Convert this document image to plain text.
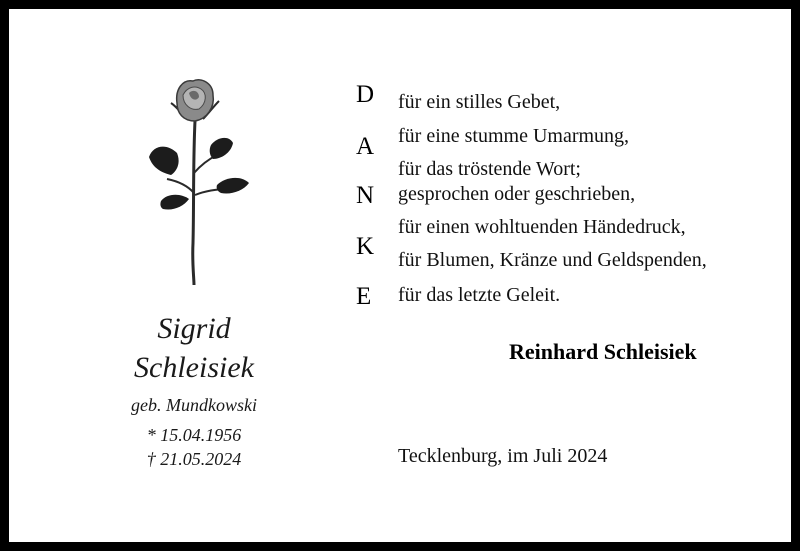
Sigrid
Schleisiek
geb. Mundkowski
* 15.04.1956
† 21.05.2024
D
A
N
K
E
für ein stilles Gebet,
für eine stumme Umarmung,
für das tröstende Wort;
gesprochen oder geschrieben,
für einen wohltuenden Händedruck,
für Blumen, Kränze und Geldspenden,
für das letzte Geleit.
Reinhard Schleisiek
Tecklenburg, im Juli 2024
